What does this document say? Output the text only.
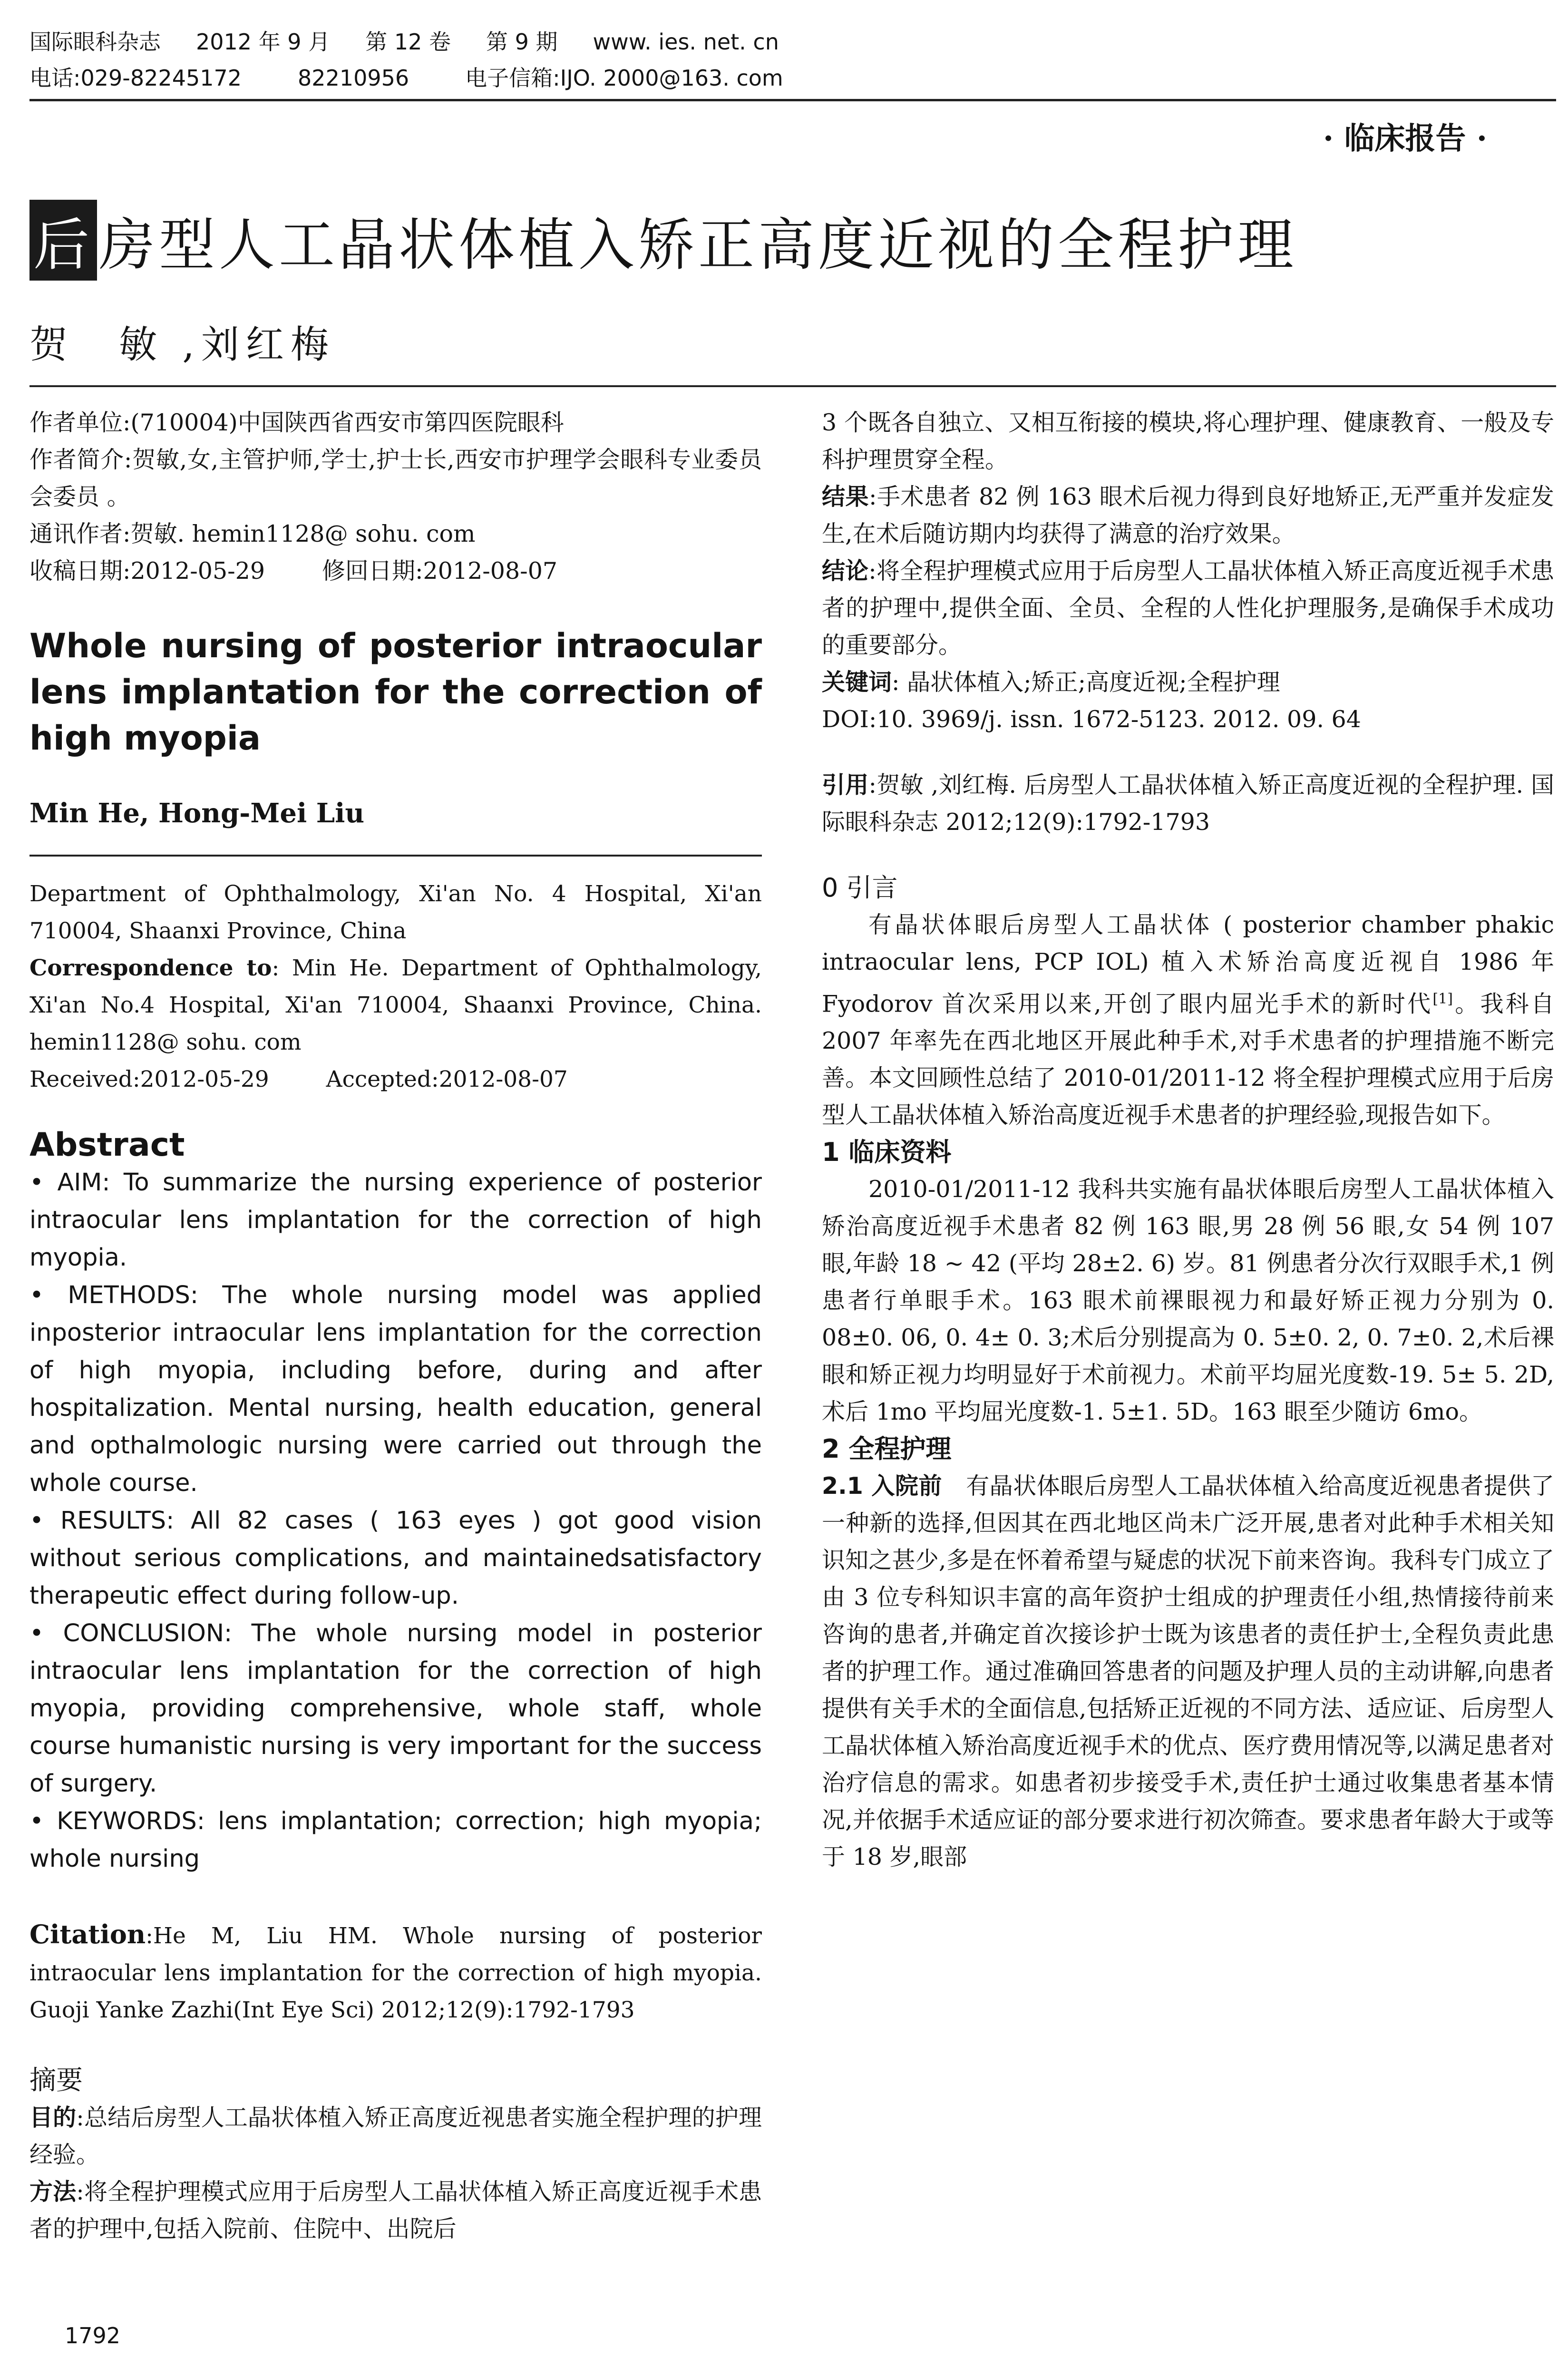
国际眼科杂志 2012 年 9 月 第 12 卷 第 9 期 www. ies. net. cn
电话:029-82245172	82210956	电子信箱:IJO. 2000@163. com
· 临床报告 ·
后 房型人工晶状体植入矫正高度近视的全程护理
贺　敏 ,刘红梅

作者单位:(710004)中国陕西省西安市第四医院眼科

作者简介:贺敏,女,主管护师,学士,护士长,西安市护理学会眼科专业委员会委员 。

通讯作者:贺敏. hemin1128@ sohu. com

收稿日期:2012-05-29 修回日期:2012-08-07

Whole nursing of posterior intraocular lens implantation for the correction of high myopia

Min He, Hong-Mei Liu

Department of Ophthalmology, Xi'an No. 4 Hospital, Xi'an 710004, Shaanxi Province, China

Correspondence to: Min He. Department of Ophthalmology, Xi'an No.4 Hospital, Xi'an 710004, Shaanxi Province, China. hemin1128@ sohu. com

Received:2012-05-29	Accepted:2012-08-07

Abstract

• AIM: To summarize the nursing experience of posterior intraocular lens implantation for the correction of high myopia.

• METHODS: The whole nursing model was applied inposterior intraocular lens implantation for the correction of high myopia, including before, during and after hospitalization. Mental nursing, health education, general and opthalmologic nursing were carried out through the whole course.

• RESULTS: All 82 cases ( 163 eyes ) got good vision without serious complications, and maintainedsatisfactory therapeutic effect during follow-up.

• CONCLUSION: The whole nursing model in posterior intraocular lens implantation for the correction of high myopia, providing comprehensive, whole staff, whole course humanistic nursing is very important for the success of surgery.

• KEYWORDS: lens implantation; correction; high myopia; whole nursing

Citation:He M, Liu HM. Whole nursing of posterior intraocular lens implantation for the correction of high myopia. Guoji Yanke Zazhi(Int Eye Sci) 2012;12(9):1792-1793

摘要

目的:总结后房型人工晶状体植入矫正高度近视患者实施全程护理的护理经验。

方法:将全程护理模式应用于后房型人工晶状体植入矫正高度近视手术患者的护理中,包括入院前、住院中、出院后

3 个既各自独立、又相互衔接的模块,将心理护理、健康教育、一般及专科护理贯穿全程。

结果:手术患者 82 例 163 眼术后视力得到良好地矫正,无严重并发症发生,在术后随访期内均获得了满意的治疗效果。

结论:将全程护理模式应用于后房型人工晶状体植入矫正高度近视手术患者的护理中,提供全面、全员、全程的人性化护理服务,是确保手术成功的重要部分。

关键词: 晶状体植入;矫正;高度近视;全程护理

DOI:10. 3969/j. issn. 1672-5123. 2012. 09. 64

引用:贺敏 ,刘红梅. 后房型人工晶状体植入矫正高度近视的全程护理. 国际眼科杂志 2012;12(9):1792-1793

0 引言

有晶状体眼后房型人工晶状体 ( posterior chamber phakic intraocular lens, PCP IOL) 植入术矫治高度近视自 1986 年 Fyodorov 首次采用以来,开创了眼内屈光手术的新时代[1]。我科自 2007 年率先在西北地区开展此种手术,对手术患者的护理措施不断完善。本文回顾性总结了 2010-01/2011-12 将全程护理模式应用于后房型人工晶状体植入矫治高度近视手术患者的护理经验,现报告如下。

1 临床资料

2010-01/2011-12 我科共实施有晶状体眼后房型人工晶状体植入矫治高度近视手术患者 82 例 163 眼,男 28 例 56 眼,女 54 例 107 眼,年龄 18 ~ 42 (平均 28±2. 6) 岁。81 例患者分次行双眼手术,1 例患者行单眼手术。163 眼术前裸眼视力和最好矫正视力分别为 0. 08±0. 06, 0. 4± 0. 3;术后分别提高为 0. 5±0. 2, 0. 7±0. 2,术后裸眼和矫正视力均明显好于术前视力。术前平均屈光度数-19. 5± 5. 2D,术后 1mo 平均屈光度数-1. 5±1. 5D。163 眼至少随访 6mo。

2 全程护理

2.1 入院前 有晶状体眼后房型人工晶状体植入给高度近视患者提供了一种新的选择,但因其在西北地区尚未广泛开展,患者对此种手术相关知识知之甚少,多是在怀着希望与疑虑的状况下前来咨询。我科专门成立了由 3 位专科知识丰富的高年资护士组成的护理责任小组,热情接待前来咨询的患者,并确定首次接诊护士既为该患者的责任护士,全程负责此患者的护理工作。通过准确回答患者的问题及护理人员的主动讲解,向患者提供有关手术的全面信息,包括矫正近视的不同方法、适应证、后房型人工晶状体植入矫治高度近视手术的优点、医疗费用情况等,以满足患者对治疗信息的需求。如患者初步接受手术,责任护士通过收集患者基本情况,并依据手术适应证的部分要求进行初次筛查。要求患者年龄大于或等于 18 岁,眼部

1792
